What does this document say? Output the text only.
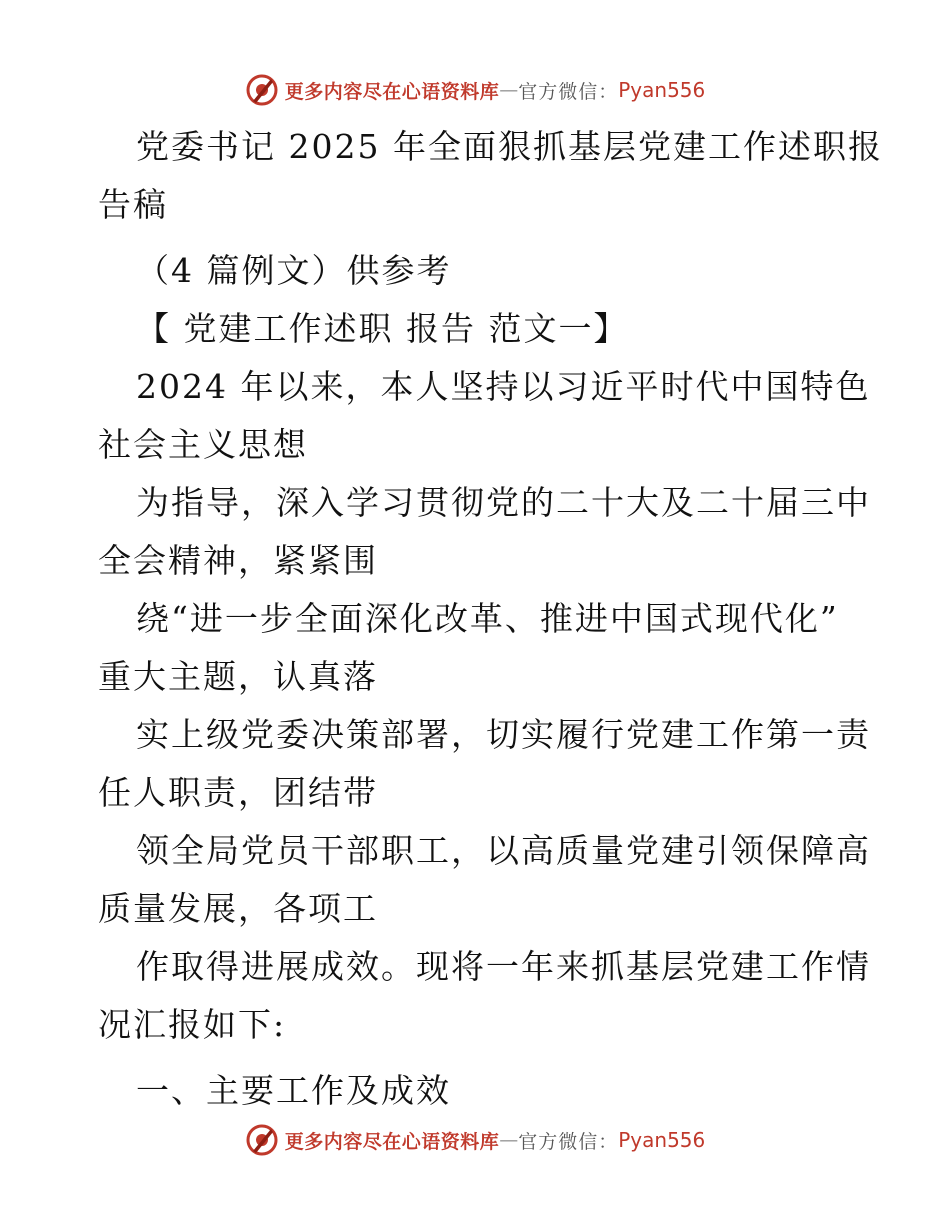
更多内容尽在心语资料库 — 官方微信： Pyan556
党委书记 2025 年全面狠抓基层党建工作述职报
告稿
（4 篇例文）供参考
【 党建工作述职 报告 范文一】
2024 年以来，本人坚持以习近平时代中国特色
社会主义思想
为指导，深入学习贯彻党的二十大及二十届三中
全会精神，紧紧围
绕“进一步全面深化改革、推进中国式现代化”
重大主题，认真落
实上级党委决策部署，切实履行党建工作第一责
任人职责，团结带
领全局党员干部职工，以高质量党建引领保障高
质量发展，各项工
作取得进展成效。现将一年来抓基层党建工作情
况汇报如下:
一、主要工作及成效
更多内容尽在心语资料库 — 官方微信： Pyan556
